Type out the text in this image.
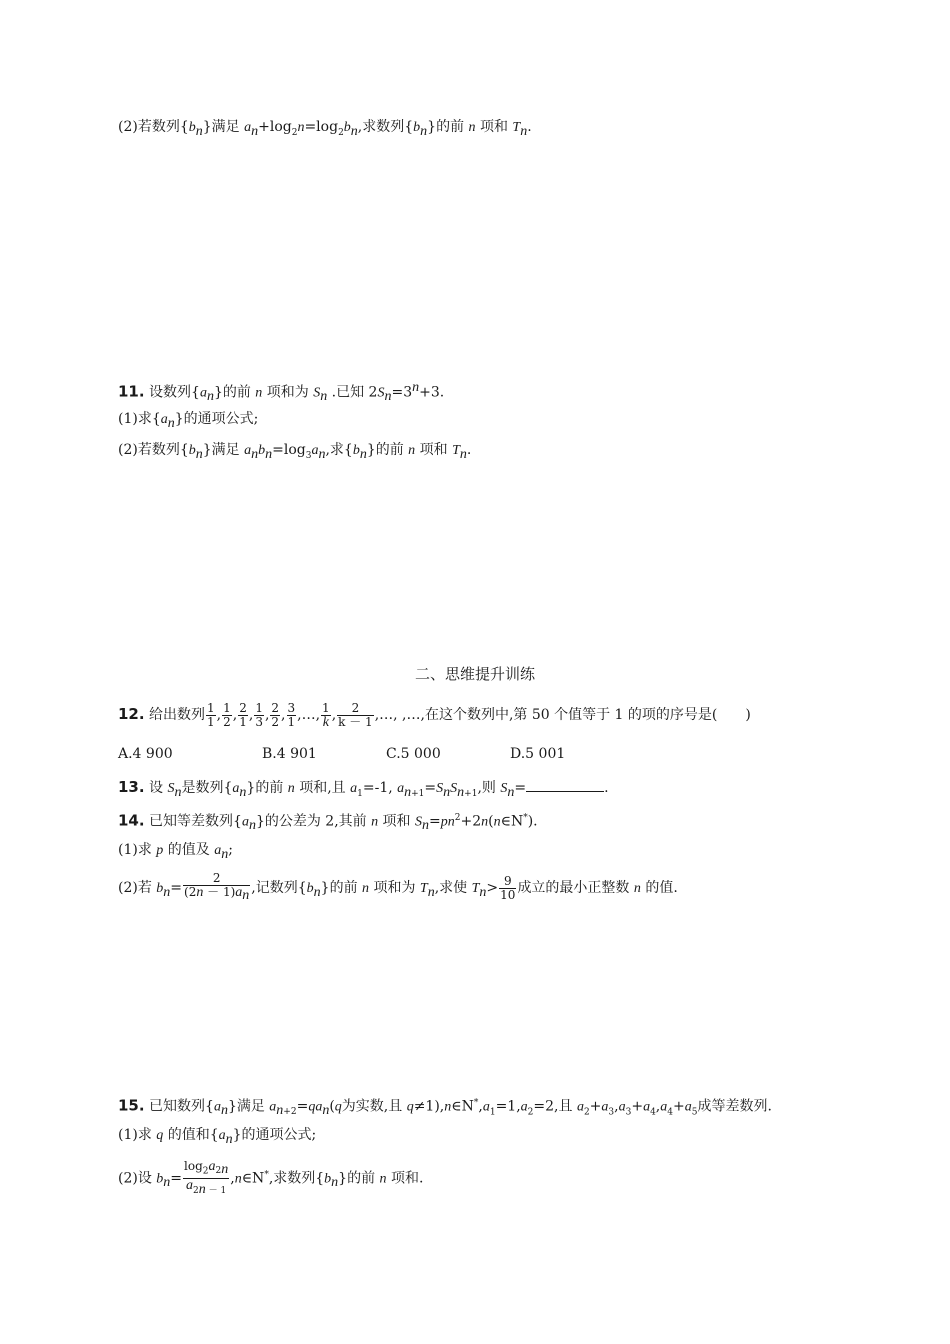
(2)若数列$\{b_n\}$满足 $a_n+\log_2n=\log_2b_n$,求数列$\{b_n\}$的前 n 项和 $T_n$.
11. 设数列$\{a_n\}$的前 n 项和为 $S_n$ .已知 $2S_n=3^n+3$.
(1)求$\{a_n\}$的通项公式;
(2)若数列$\{b_n\}$满足 $a_nb_n=\log_3a_n$,求$\{b_n\}$的前 n 项和 $T_n$.
二、思维提升训练
12. 给出数列 $\frac{1}{1}$ , $\frac{1}{2}$ , $\frac{2}{1}$ , $\frac{1}{3}$ , $\frac{2}{2}$ , $\frac{3}{1}$ ,…, $\frac{1}{k}$ , $\frac{2}{k - 1}$ ,…, ,…,在这个数列中,第 50 个值等于 1 的项的序号是(　　)
A.4 900	B.4 901	C.5 000	D.5 001
13. 设 $S_n$是数列$\{a_n\}$的前 n 项和,且 $a_1=-1$, $a_{n+1}=S_nS_{n+1}$,则 $S_n=$	.
14. 已知等差数列$\{a_n\}$的公差为 2,其前 n 项和 $S_n=pn^2+2n(n\in N^*)$.
(1)求 p 的值及 $a_n$;
(2)若 $b_n= \frac{2}{(2n - 1)a_n}$ ,记数列$\{b_n\}$的前 n 项和为 $T_n$,求使 $T_n> \frac{9}{10}$ 成立的最小正整数 n 的值.
15. 已知数列$\{a_n\}$满足 $a_{n+2}=qa_n(q$为实数,且 $q\ne 1),n\in N^*,a_1=1,a_2=2$,且 $a_2+a_3,a_3+a_4,a_4+a_5$成等差数列.
(1)求 q 的值和$\{a_n\}$的通项公式;
(2)设 $b_n= \frac{\log_2a_{2n}}{a_{2n - 1}}$ ,n∈N*,求数列$\{b_n\}$的前 n 项和.
